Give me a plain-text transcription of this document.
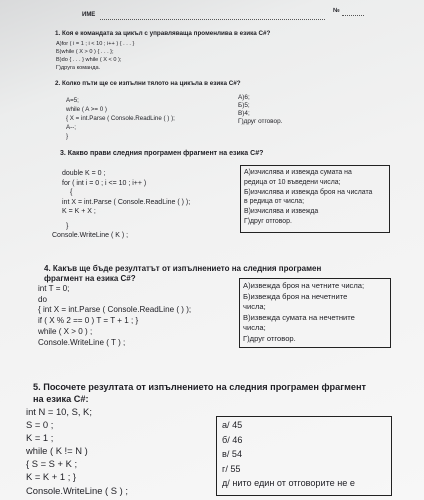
ИМЕ
№
1. Коя е командата за цикъл с управляваща променлива в езика C#?
А)for ( i = 1 ; i < 10 ; i++ ) { . . . }
Б)while ( X > 0 ) { . . . };
В)do { . . . } while ( X < 0 );
Г)друга команда.
2. Колко пъти ще се изпълни тялото на цикъла в езика C#?
A=5;
while ( A >= 0 )
{ X = int.Parse ( Console.ReadLine ( ) );
A--;
}
А)6;
Б)5;
В)4;
Г)друг отговор.
3. Какво прави следния програмен фрагмент на езика C#?
double K = 0 ;
for ( int i = 0 ; i <= 10 ; i++ )
{
int X = int.Parse ( Console.ReadLine ( ) );
K = K + X ;
}
Console.WriteLine ( K ) ;
А)изчислява и извежда сумата на
редица от 10 въведени числа;
Б)изчислява и извежда броя на числата
в редица от числа;
В)изчислява и извежда
Г)друг отговор.
4. Какъв ще бъде резултатът от изпълнението на следния програмен
фрагмент на езика C#?
int T = 0;
do
{ int X = int.Parse ( Console.ReadLine ( ) );
if ( X % 2 == 0 ) T = T + 1 ; }
while ( X > 0 ) ;
Console.WriteLine ( T ) ;
А)извежда броя на четните числа;
Б)извежда броя на нечетните
числа;
В)извежда сумата на нечетните
числа;
Г)друг отговор.
5. Посочете резултата от изпълнението на следния програмен фрагмент
на езика C#:
int N = 10, S, K;
S = 0 ;
K = 1 ;
while ( K != N )
{ S = S + K ;
K = K + 1 ; }
Console.WriteLine ( S ) ;
а/ 45
б/ 46
в/ 54
г/ 55
д/ нито един от отговорите не е
